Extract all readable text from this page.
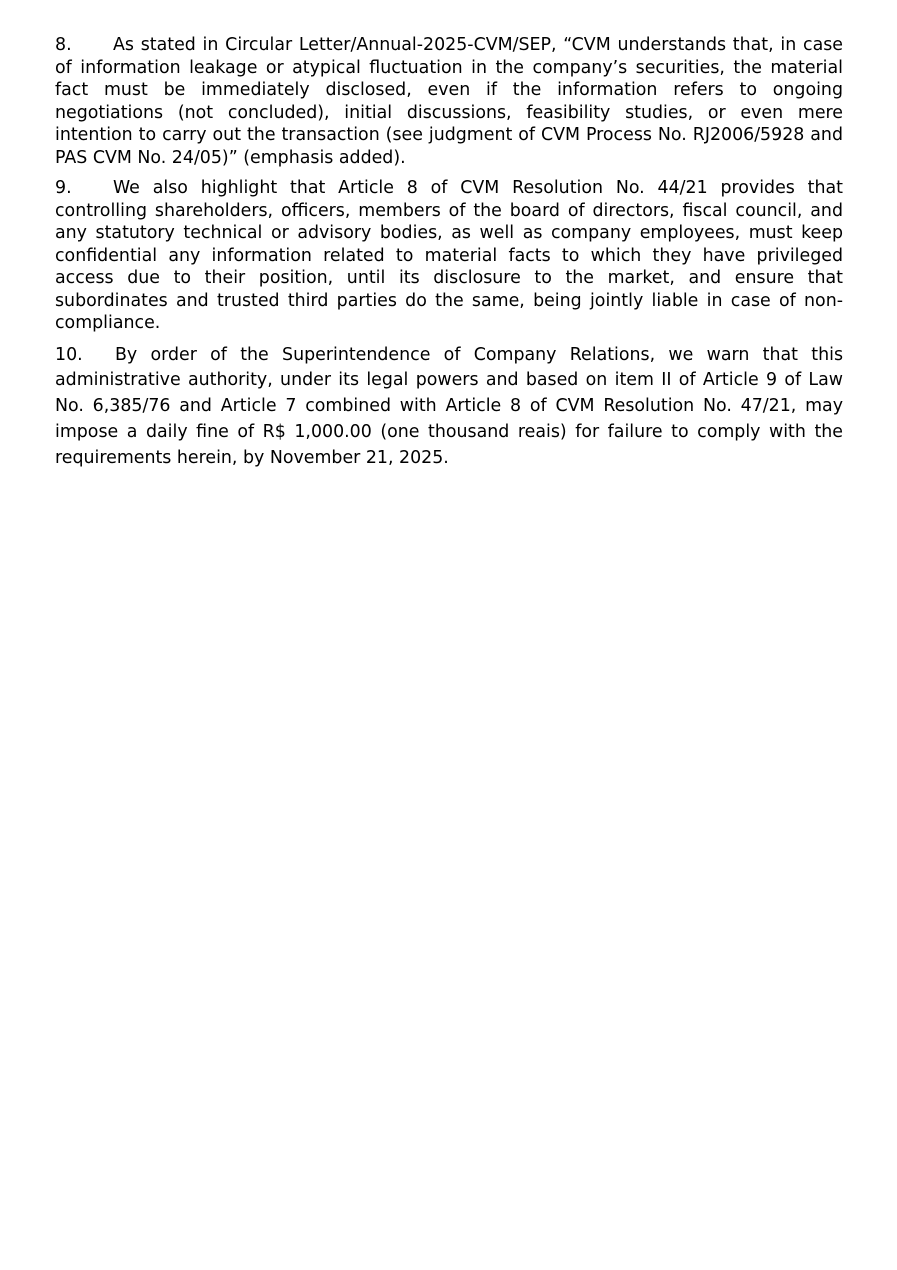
8. As stated in Circular Letter/Annual-2025-CVM/SEP, “CVM understands that, in case of information leakage or atypical fluctuation in the company’s securities, the material fact must be immediately disclosed, even if the information refers to ongoing negotiations (not concluded), initial discussions, feasibility studies, or even mere intention to carry out the transaction (see judgment of CVM Process No. RJ2006/5928 and PAS CVM No. 24/05)” (emphasis added).

9. We also highlight that Article 8 of CVM Resolution No. 44/21 provides that controlling shareholders, officers, members of the board of directors, fiscal council, and any statutory technical or advisory bodies, as well as company employees, must keep confidential any information related to material facts to which they have privileged access due to their position, until its disclosure to the market, and ensure that subordinates and trusted third parties do the same, being jointly liable in case of non-compliance.

10. By order of the Superintendence of Company Relations, we warn that this administrative authority, under its legal powers and based on item II of Article 9 of Law No. 6,385/76 and Article 7 combined with Article 8 of CVM Resolution No. 47/21, may impose a daily fine of R$ 1,000.00 (one thousand reais) for failure to comply with the requirements herein, by November 21, 2025.
